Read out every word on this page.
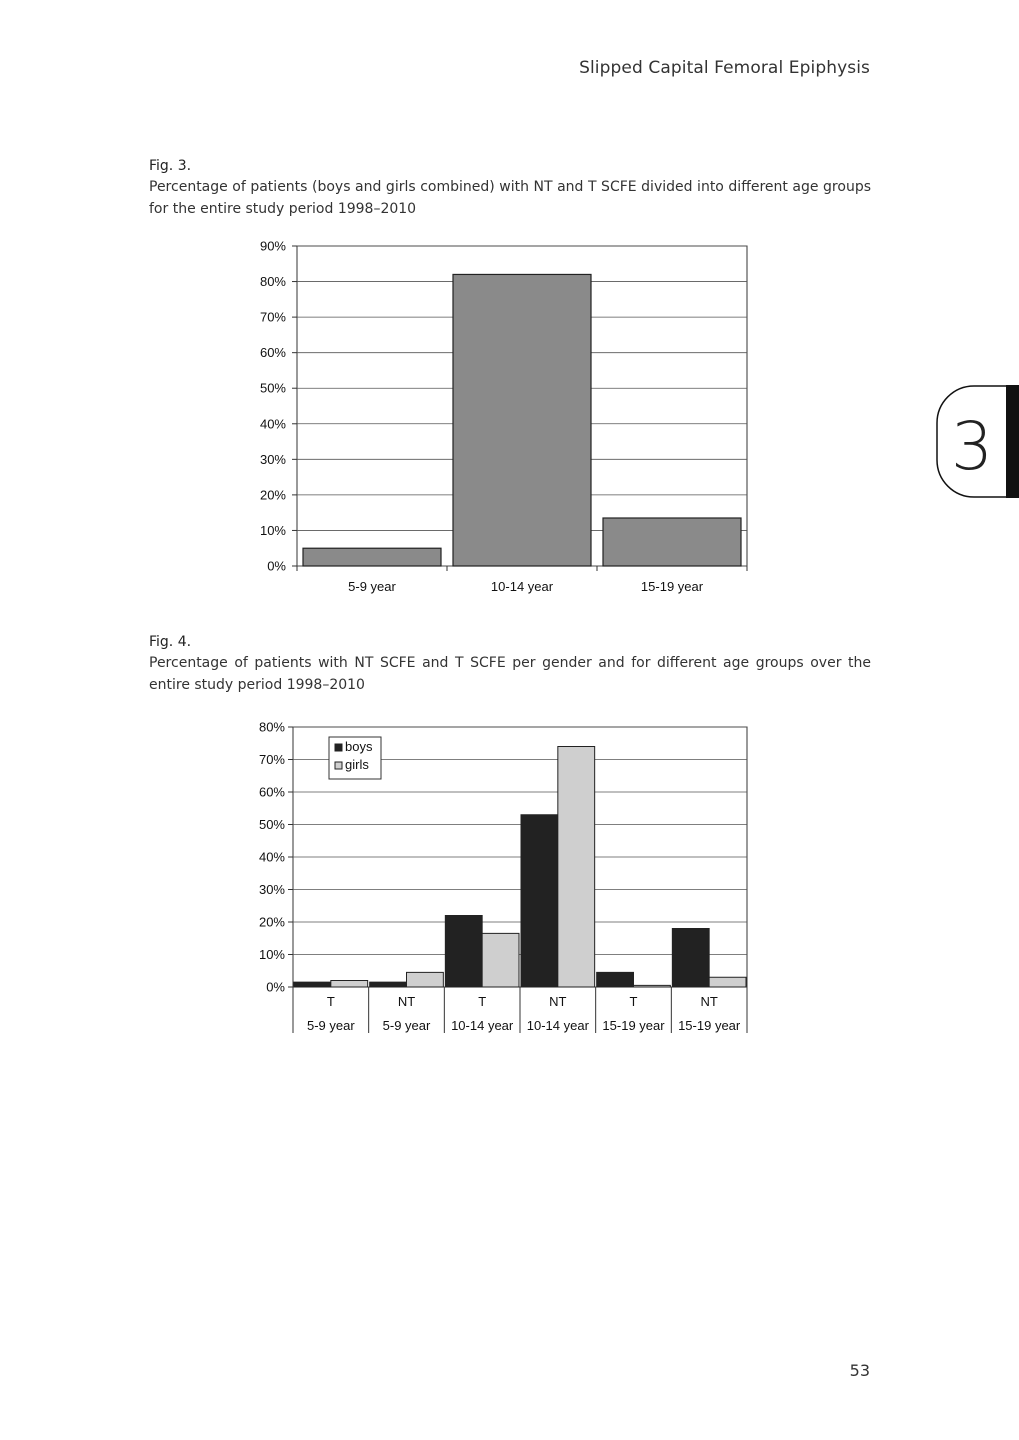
Slipped Capital Femoral Epiphysis
Fig. 3.
Percentage of patients (boys and girls combined) with NT and T SCFE divided into different age groups for the entire study period 1998–2010
0%
10%
20%
30%
40%
50%
60%
70%
80%
90%
5-9 year	10-14 year	15-19 year
Fig. 4.
Percentage of patients with NT SCFE and T SCFE per gender and for different age groups over the entire study period 1998–2010
0%
10%
20%
30%
40%
50%
60%
70%
80%
T
5-9 year
NT
5-9 year
T
10-14 year
NT
10-14 year
T
15-19 year
NT
15-19 year
boys
girls
3
53
